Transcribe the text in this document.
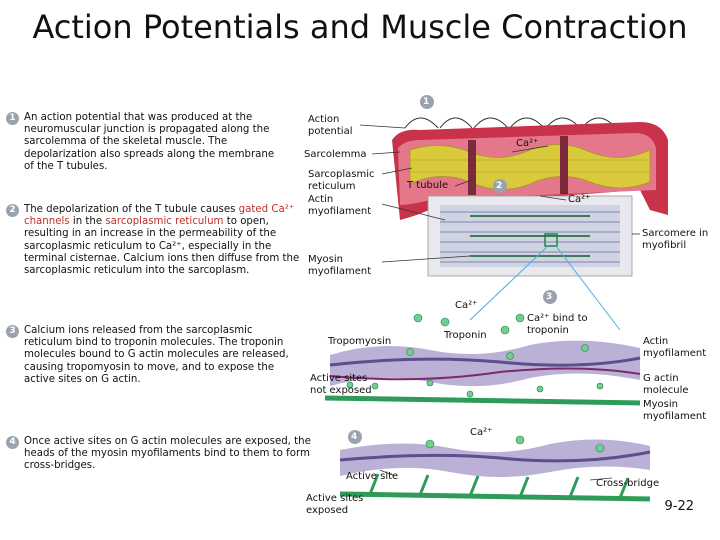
Action Potentials and Muscle Contraction
1 An action potential that was produced at the neuromuscular junction is propagated along the sarcolemma of the skeletal muscle. The depolarization also spreads along the membrane of the T tubules.
2 The depolarization of the T tubule causes gated Ca²⁺ channels in the sarcoplasmic reticulum to open, resulting in an increase in the permeability of the sarcoplasmic reticulum to Ca²⁺, especially in the terminal cisternae. Calcium ions then diffuse from the sarcoplasmic reticulum into the sarcoplasm.
3 Calcium ions released from the sarcoplasmic reticulum bind to troponin molecules. The troponin molecules bound to G actin molecules are released, causing tropomyosin to move, and to expose the active sites on G actin.
4 Once active sites on G actin molecules are exposed, the heads of the myosin myofilaments bind to them to form cross-bridges.
1
2
3
4
Action potential
Sarcolemma
Sarcoplasmic reticulum
Actin myofilament
Myosin myofilament
T tubule
Ca²⁺
Ca²⁺
Sarcomere in myofibril
Ca²⁺
Ca²⁺ bind to troponin
Troponin
Tropomyosin
Active sites not exposed
Actin myofilament
G actin molecule
Myosin myofilament
Ca²⁺
Active site
Active sites exposed
Cross-bridge
9-22
